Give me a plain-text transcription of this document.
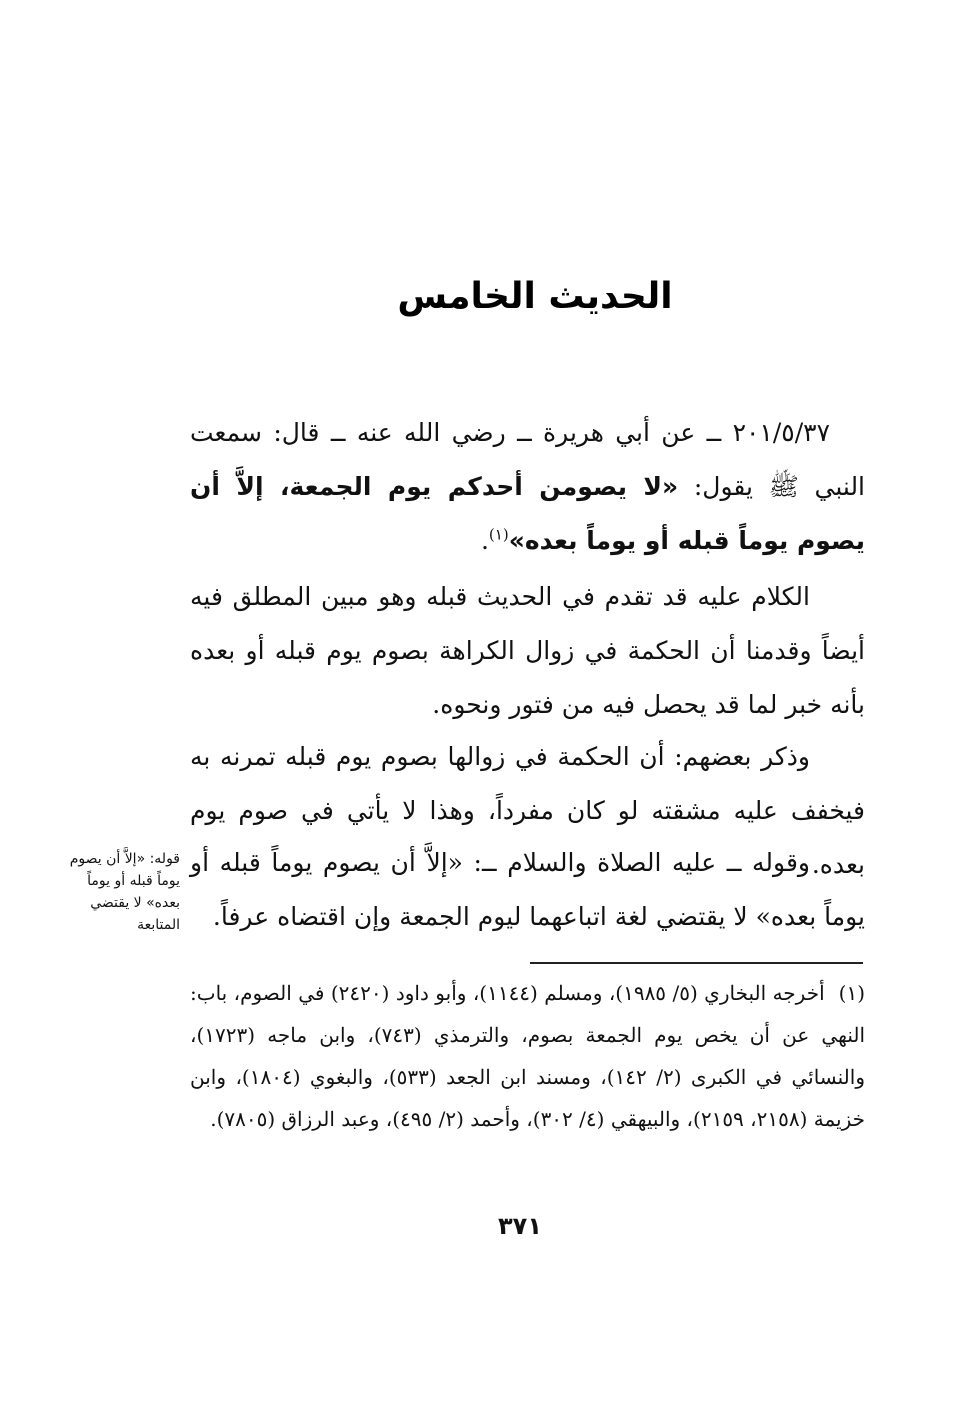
الحديث الخامس

٢٠١/٥/٣٧ ــ عن أبي هريرة ــ رضي الله عنه ــ قال: سمعت النبي ﷺ يقول: «لا يصومن أحدكم يوم الجمعة، إلاَّ أن يصوم يوماً قبله أو يوماً بعده»$^{(١)}$.

الكلام عليه قد تقدم في الحديث قبله وهو مبين المطلق فيه أيضاً وقدمنا أن الحكمة في زوال الكراهة بصوم يوم قبله أو بعده بأنه خبر لما قد يحصل فيه من فتور ونحوه.

وذكر بعضهم: أن الحكمة في زوالها بصوم يوم قبله تمرنه به فيخفف عليه مشقته لو كان مفرداً، وهذا لا يأتي في صوم يوم بعده.

وقوله ــ عليه الصلاة والسلام ــ: «إلاَّ أن يصوم يوماً قبله أو يوماً بعده» لا يقتضي لغة اتباعهما ليوم الجمعة وإن اقتضاه عرفاً.

قوله: «إلاَّ أن يصوم يوماً قبله أو يوماً بعده» لا يقتضي المتابعة
(١)أخرجه البخاري (٥/ ١٩٨٥)، ومسلم (١١٤٤)، وأبو داود (٢٤٢٠) في الصوم، باب: النهي عن أن يخص يوم الجمعة بصوم، والترمذي (٧٤٣)، وابن ماجه (١٧٢٣)، والنسائي في الكبرى (٢/ ١٤٢)، ومسند ابن الجعد (٥٣٣)، والبغوي (١٨٠٤)، وابن خزيمة (٢١٥٨، ٢١٥٩)، والبيهقي (٤/ ٣٠٢)، وأحمد (٢/ ٤٩٥)، وعبد الرزاق (٧٨٠٥).
٣٧١
